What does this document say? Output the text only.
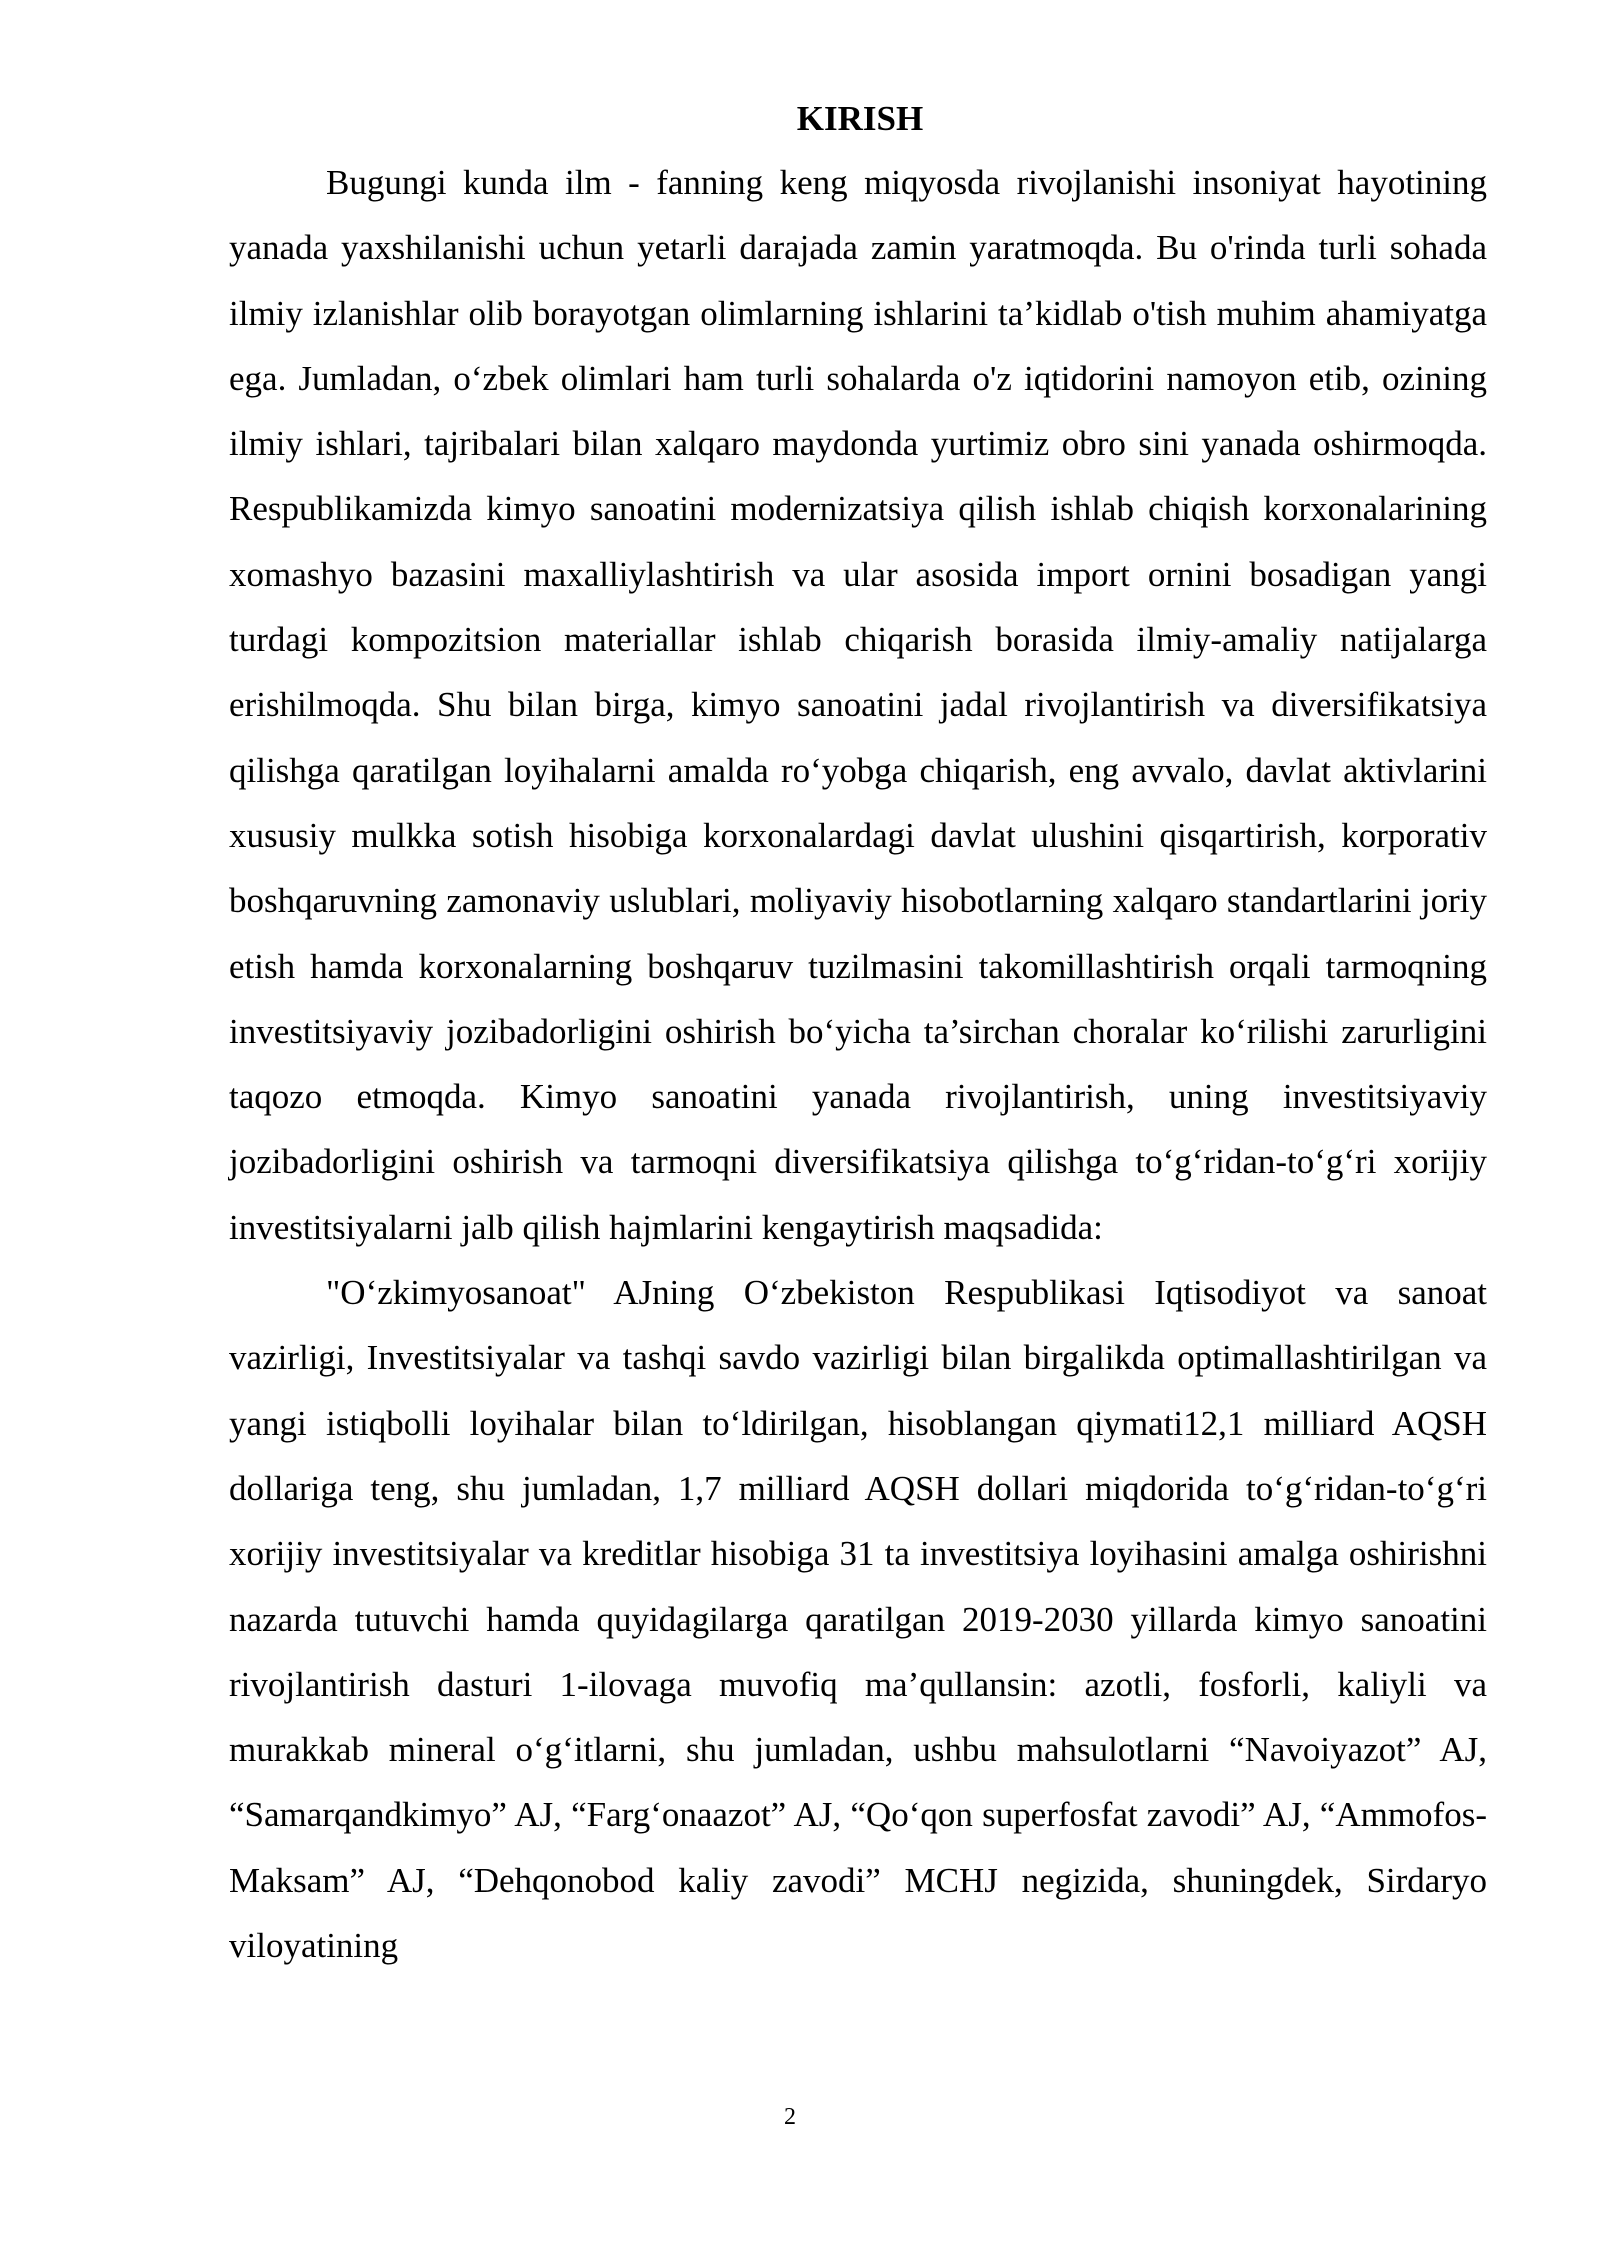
KIRISH

Bugungi kunda ilm - fanning keng miqyosda rivojlanishi insoniyat hayotining yanada yaxshilanishi uchun yetarli darajada zamin yaratmoqda. Bu o'rinda turli sohada ilmiy izlanishlar olib borayotgan olimlarning ishlarini ta’kidlab o'tish muhim ahamiyatga ega. Jumladan, o‘zbek olimlari ham turli sohalarda o'z iqtidorini namoyon etib, ozining ilmiy ishlari, tajribalari bilan xalqaro maydonda yurtimiz obro sini yanada oshirmoqda. Respublikamizda kimyo sanoatini modernizatsiya qilish ishlab chiqish korxonalarining xomashyo bazasini maxalliylashtirish va ular asosida import ornini bosadigan yangi turdagi kompozitsion materiallar ishlab chiqarish borasida ilmiy-amaliy natijalarga erishilmoqda. Shu bilan birga, kimyo sanoatini jadal rivojlantirish va diversifikatsiya qilishga qaratilgan loyihalarni amalda ro‘yobga chiqarish, eng avvalo, davlat aktivlarini xususiy mulkka sotish hisobiga korxonalardagi davlat ulushini qisqartirish, korporativ boshqaruvning zamonaviy uslublari, moliyaviy hisobotlarning xalqaro standartlarini joriy etish hamda korxonalarning boshqaruv tuzilmasini takomillashtirish orqali tarmoqning investitsiyaviy jozibadorligini oshirish bo‘yicha ta’sirchan choralar ko‘rilishi zarurligini taqozo etmoqda. Kimyo sanoatini yanada rivojlantirish, uning investitsiyaviy jozibadorligini oshirish va tarmoqni diversifikatsiya qilishga to‘g‘ridan-to‘g‘ri xorijiy investitsiyalarni jalb qilish hajmlarini kengaytirish maqsadida:

"O‘zkimyosanoat" AJning O‘zbekiston Respublikasi Iqtisodiyot va sanoat vazirligi, Investitsiyalar va tashqi savdo vazirligi bilan birgalikda optimallashtirilgan va yangi istiqbolli loyihalar bilan to‘ldirilgan, hisoblangan qiymati12,1 milliard AQSH dollariga teng, shu jumladan, 1,7 milliard AQSH dollari miqdorida to‘g‘ridan-to‘g‘ri xorijiy investitsiyalar va kreditlar hisobiga 31 ta investitsiya loyihasini amalga oshirishni nazarda tutuvchi hamda quyidagilarga qaratilgan 2019-2030 yillarda kimyo sanoatini rivojlantirish dasturi 1-ilovaga muvofiq ma’qullansin: azotli, fosforli, kaliyli va murakkab mineral o‘g‘itlarni, shu jumladan, ushbu mahsulotlarni “Navoiyazot” AJ, “Samarqandkimyo” AJ, “Farg‘onaazot” AJ, “Qo‘qon superfosfat zavodi” AJ, “Ammofos-Maksam” AJ, “Dehqonobod kaliy zavodi” MCHJ negizida, shuningdek, Sirdaryo viloyatining

2
